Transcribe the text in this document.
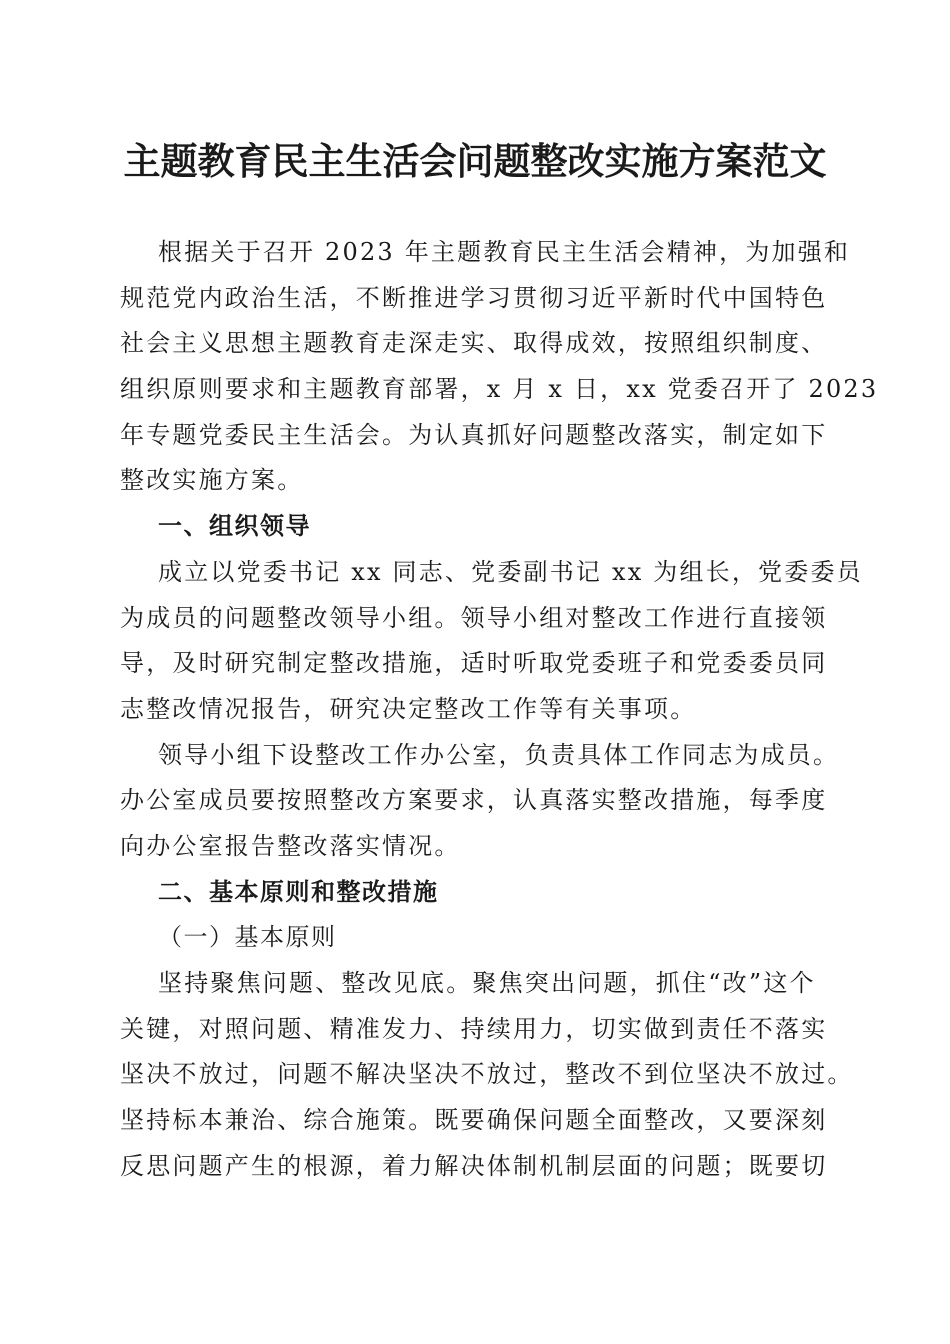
主题教育民主生活会问题整改实施方案范文
根据关于召开 2023 年主题教育民主生活会精神，为加强和
规范党内政治生活，不断推进学习贯彻习近平新时代中国特色
社会主义思想主题教育走深走实、取得成效，按照组织制度、
组织原则要求和主题教育部署，x 月 x 日，xx 党委召开了 2023
年专题党委民主生活会。为认真抓好问题整改落实，制定如下
整改实施方案。
一、组织领导
成立以党委书记 xx 同志、党委副书记 xx 为组长，党委委员
为成员的问题整改领导小组。领导小组对整改工作进行直接领
导，及时研究制定整改措施，适时听取党委班子和党委委员同
志整改情况报告，研究决定整改工作等有关事项。
领导小组下设整改工作办公室，负责具体工作同志为成员。
办公室成员要按照整改方案要求，认真落实整改措施，每季度
向办公室报告整改落实情况。
二、基本原则和整改措施
（一）基本原则
坚持聚焦问题、整改见底。聚焦突出问题，抓住“改”这个
关键，对照问题、精准发力、持续用力，切实做到责任不落实
坚决不放过，问题不解决坚决不放过，整改不到位坚决不放过。
坚持标本兼治、综合施策。既要确保问题全面整改，又要深刻
反思问题产生的根源，着力解决体制机制层面的问题；既要切
